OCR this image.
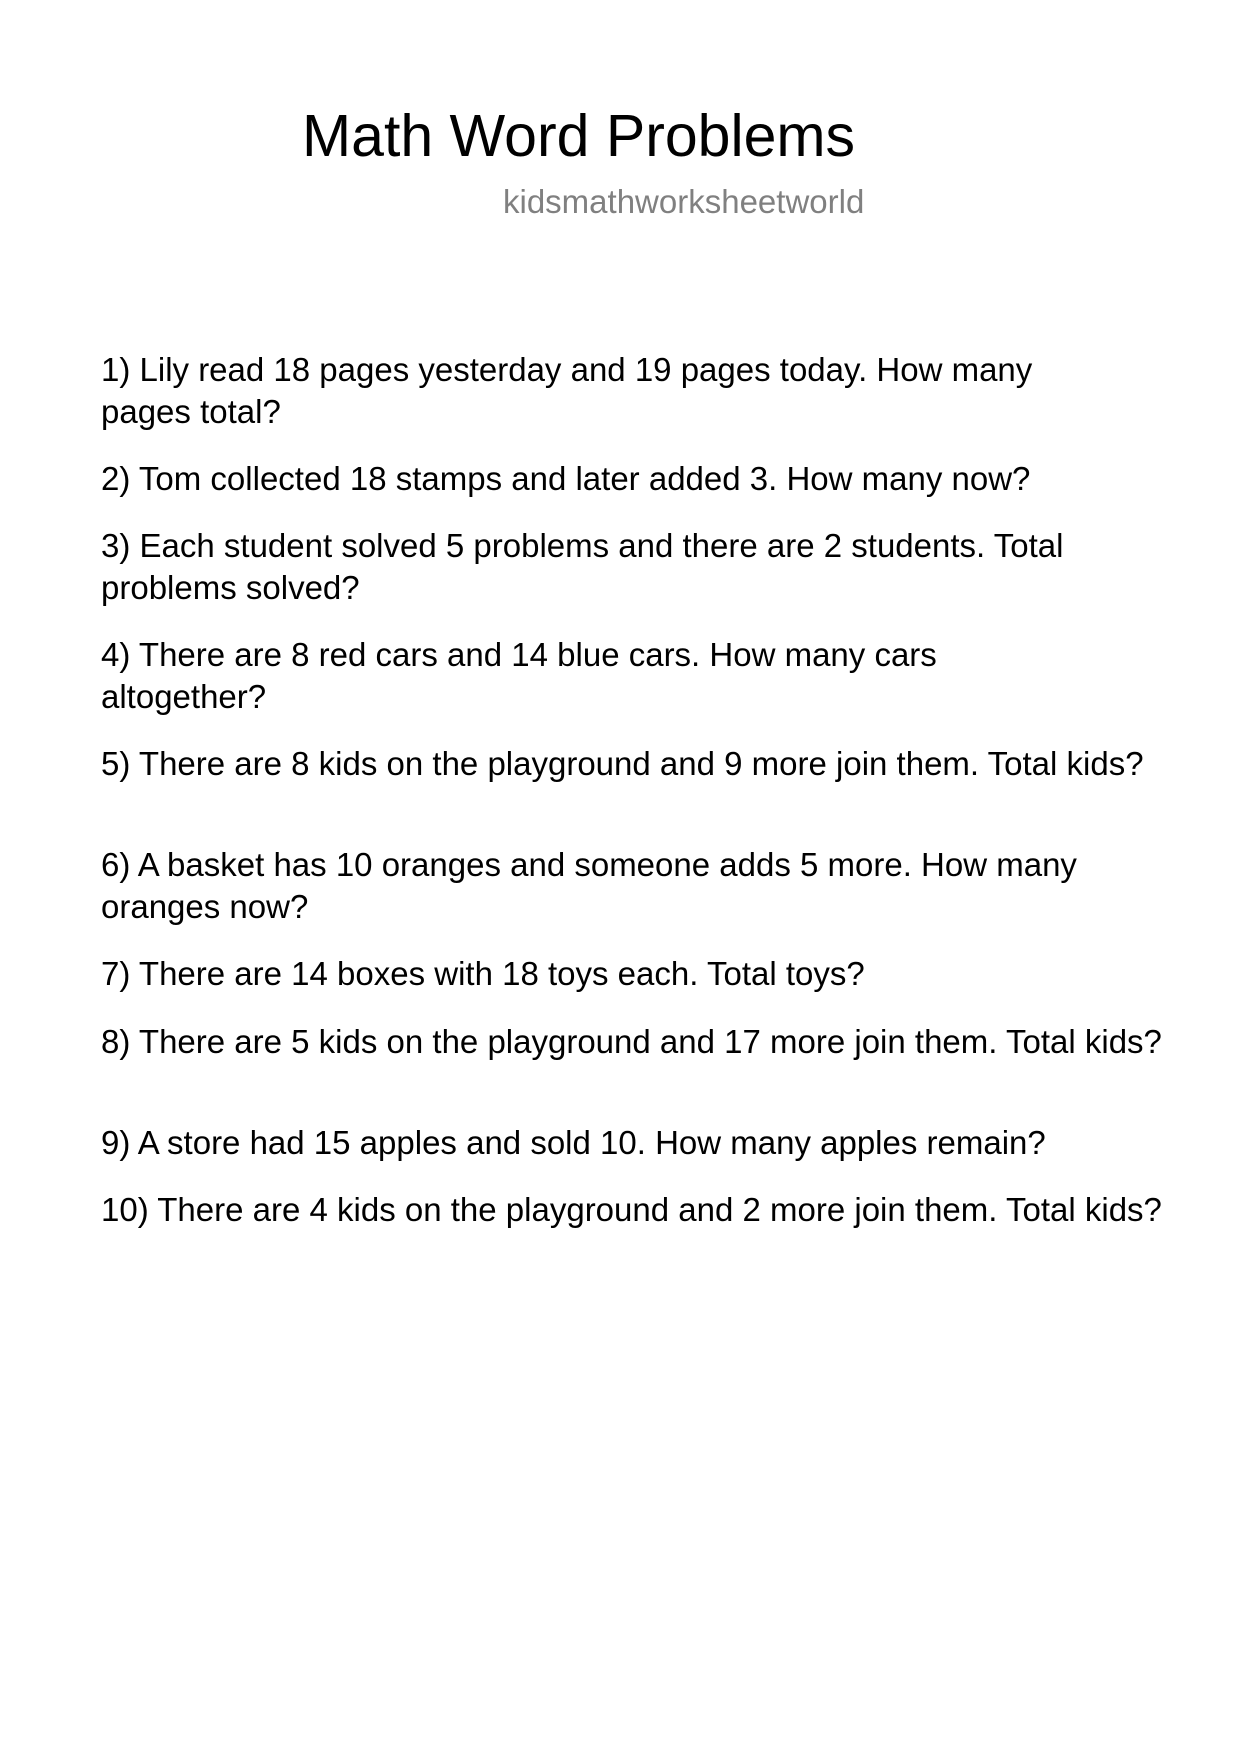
Math Word Problems
kidsmathworksheetworld

1) Lily read 18 pages yesterday and 19 pages today. How many pages total?

2) Tom collected 18 stamps and later added 3. How many now?

3) Each student solved 5 problems and there are 2 students. Total problems solved?

4) There are 8 red cars and 14 blue cars. How many cars altogether?

5) There are 8 kids on the playground and 9 more join them. Total kids?

6) A basket has 10 oranges and someone adds 5 more. How many oranges now?

7) There are 14 boxes with 18 toys each. Total toys?

8) There are 5 kids on the playground and 17 more join them. Total kids?

9) A store had 15 apples and sold 10. How many apples remain?

10) There are 4 kids on the playground and 2 more join them. Total kids?
